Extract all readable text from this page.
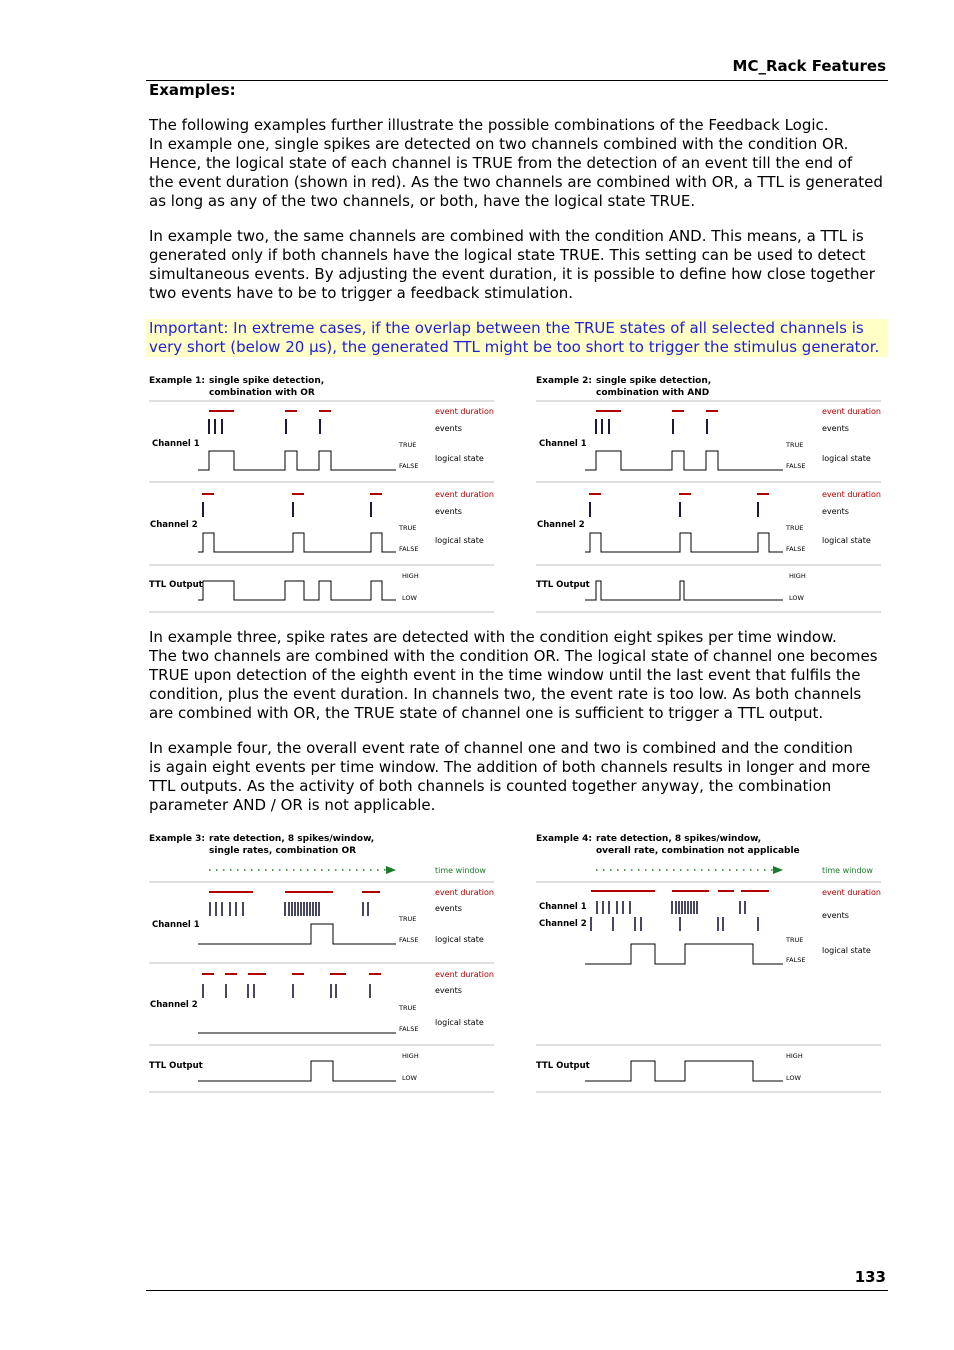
MC_Rack Features
Examples:

The following examples further illustrate the possible combinations of the Feedback Logic.
In example one, single spikes are detected on two channels combined with the condition OR.
Hence, the logical state of each channel is TRUE from the detection of an event till the end of
the event duration (shown in red). As the two channels are combined with OR, a TTL is generated
as long as any of the two channels, or both, have the logical state TRUE.

In example two, the same channels are combined with the condition AND. This means, a TTL is
generated only if both channels have the logical state TRUE. This setting can be used to detect
simultaneous events. By adjusting the event duration, it is possible to define how close together
two events have to be to trigger a feedback stimulation.

Important: In extreme cases, if the overlap between the TRUE states of all selected channels is
very short (below 20 µs), the generated TTL might be too short to trigger the stimulus generator.
Example 1: single spike detection,
combination with OR
Channel 1
Channel 2
TTL Output
TRUE
FALSE
TRUE
FALSE
HIGH
LOW
event duration
events
logical state
event duration
events
logical state
Example 2: single spike detection,
combination with AND
Channel 1
Channel 2
TTL Output
TRUE
FALSE
TRUE
FALSE
HIGH
LOW
event duration
events
logical state
event duration
events
logical state

In example three, spike rates are detected with the condition eight spikes per time window.
The two channels are combined with the condition OR. The logical state of channel one becomes
TRUE upon detection of the eighth event in the time window until the last event that fulfils the
condition, plus the event duration. In channels two, the event rate is too low. As both channels
are combined with OR, the TRUE state of channel one is sufficient to trigger a TTL output.

In example four, the overall event rate of channel one and two is combined and the condition
is again eight events per time window. The addition of both channels results in longer and more
TTL outputs. As the activity of both channels is counted together anyway, the combination
parameter AND / OR is not applicable.

Example 3: rate detection, 8 spikes/window,
single rates, combination OR
time window
Channel 1
Channel 2
TTL Output
TRUE
FALSE
TRUE
FALSE
HIGH
LOW
event duration
events
logical state
event duration
events
logical state
Example 4: rate detection, 8 spikes/window,
overall rate, combination not applicable
time window
Channel 1
Channel 2
TTL Output
TRUE
FALSE
HIGH
LOW
event duration
events
logical state
133
